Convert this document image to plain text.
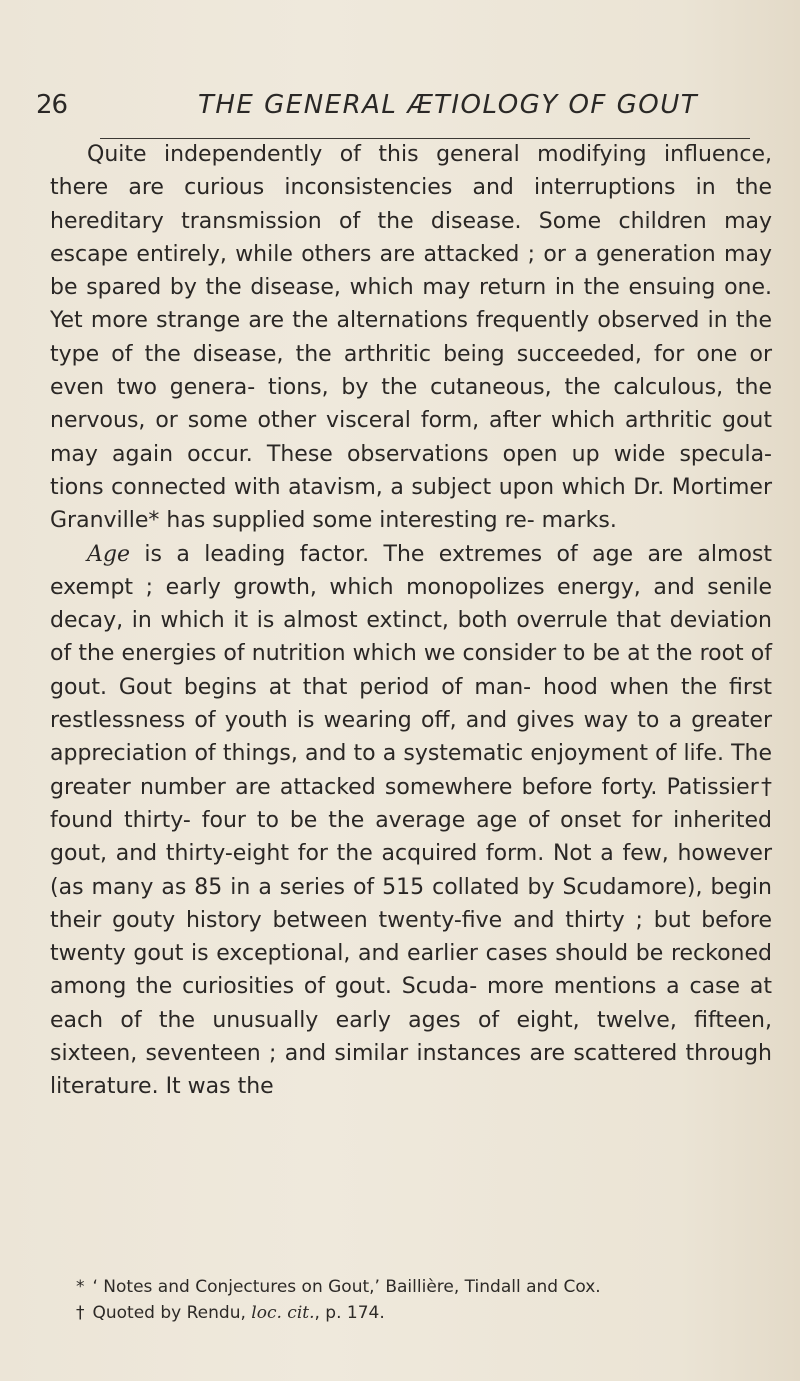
26	THE GENERAL ÆTIOLOGY OF GOUT

Quite independently of this general modifying influence, there are curious inconsistencies and interruptions in the hereditary transmission of the disease. Some children may escape entirely, while others are attacked ; or a generation may be spared by the disease, which may return in the ensuing one. Yet more strange are the alternations frequently observed in the type of the disease, the arthritic being succeeded, for one or even two genera- tions, by the cutaneous, the calculous, the nervous, or some other visceral form, after which arthritic gout may again occur. These observations open up wide specula- tions connected with atavism, a subject upon which Dr. Mortimer Granville* has supplied some interesting re- marks.

Age is a leading factor. The extremes of age are almost exempt ; early growth, which monopolizes energy, and senile decay, in which it is almost extinct, both overrule that deviation of the energies of nutrition which we consider to be at the root of gout. Gout begins at that period of man- hood when the first restlessness of youth is wearing off, and gives way to a greater appreciation of things, and to a systematic enjoyment of life. The greater number are attacked somewhere before forty. Patissier† found thirty- four to be the average age of onset for inherited gout, and thirty-eight for the acquired form. Not a few, however (as many as 85 in a series of 515 collated by Scudamore), begin their gouty history between twenty-five and thirty ; but before twenty gout is exceptional, and earlier cases should be reckoned among the curiosities of gout. Scuda- more mentions a case at each of the unusually early ages of eight, twelve, fifteen, sixteen, seventeen ; and similar instances are scattered through literature. It was the

* ‘ Notes and Conjectures on Gout,’ Baillière, Tindall and Cox.
† Quoted by Rendu, loc. cit., p. 174.
